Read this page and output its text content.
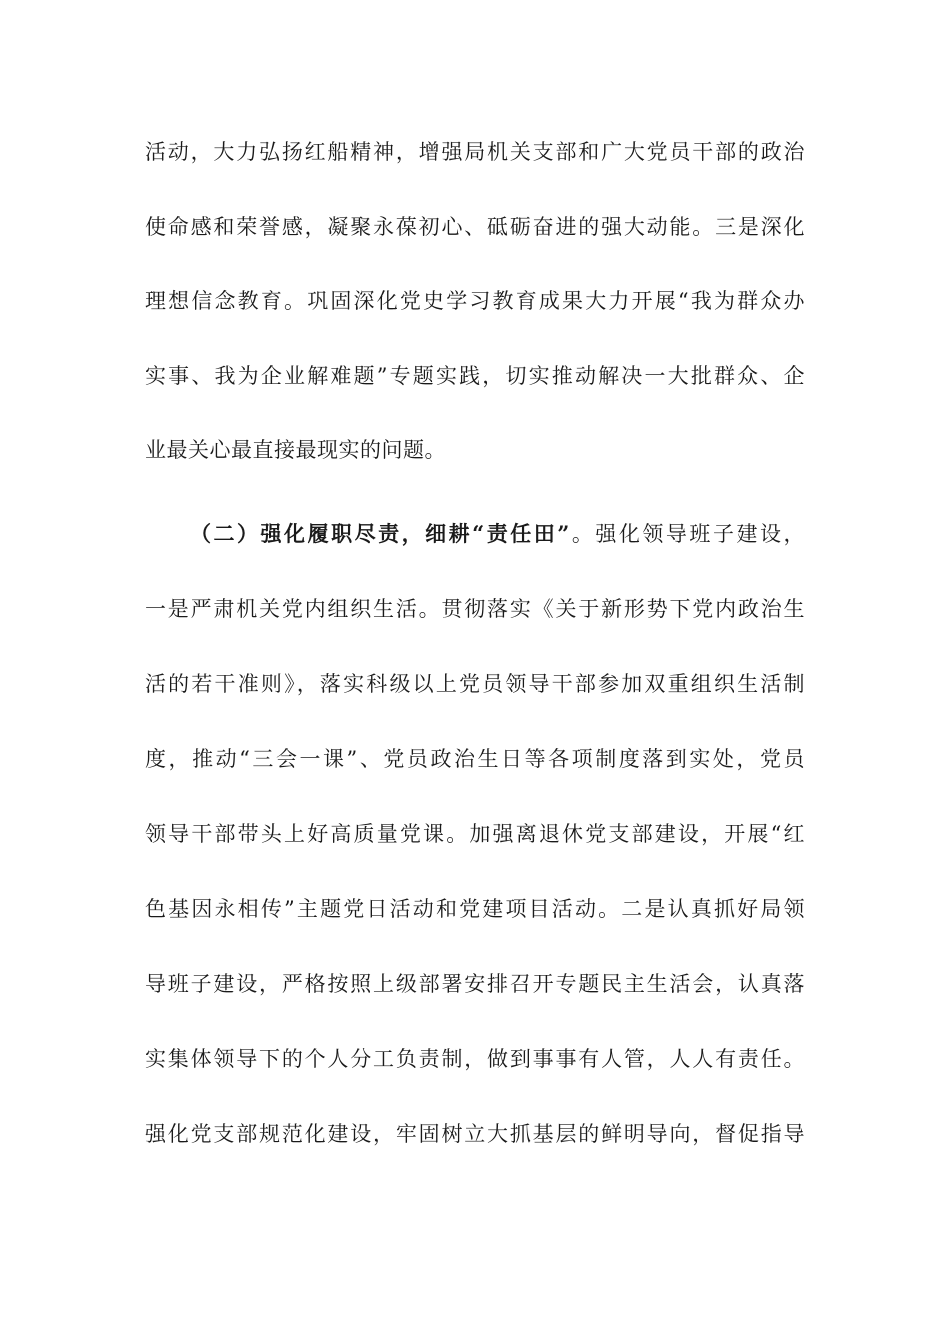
活动，大力弘扬红船精神，增强局机关支部和广大党员干部的政治
使命感和荣誉感，凝聚永葆初心、砥砺奋进的强大动能。三是深化
理想信念教育。巩固深化党史学习教育成果大力开展“我为群众办
实事、我为企业解难题”专题实践，切实推动解决一大批群众、企
业最关心最直接最现实的问题。
（二）强化履职尽责，细耕“责任田”。强化领导班子建设，
一是严肃机关党内组织生活。贯彻落实《关于新形势下党内政治生
活的若干准则》，落实科级以上党员领导干部参加双重组织生活制
度，推动“三会一课”、党员政治生日等各项制度落到实处，党员
领导干部带头上好高质量党课。加强离退休党支部建设，开展“红
色基因永相传”主题党日活动和党建项目活动。二是认真抓好局领
导班子建设，严格按照上级部署安排召开专题民主生活会，认真落
实集体领导下的个人分工负责制，做到事事有人管，人人有责任。
强化党支部规范化建设，牢固树立大抓基层的鲜明导向，督促指导
